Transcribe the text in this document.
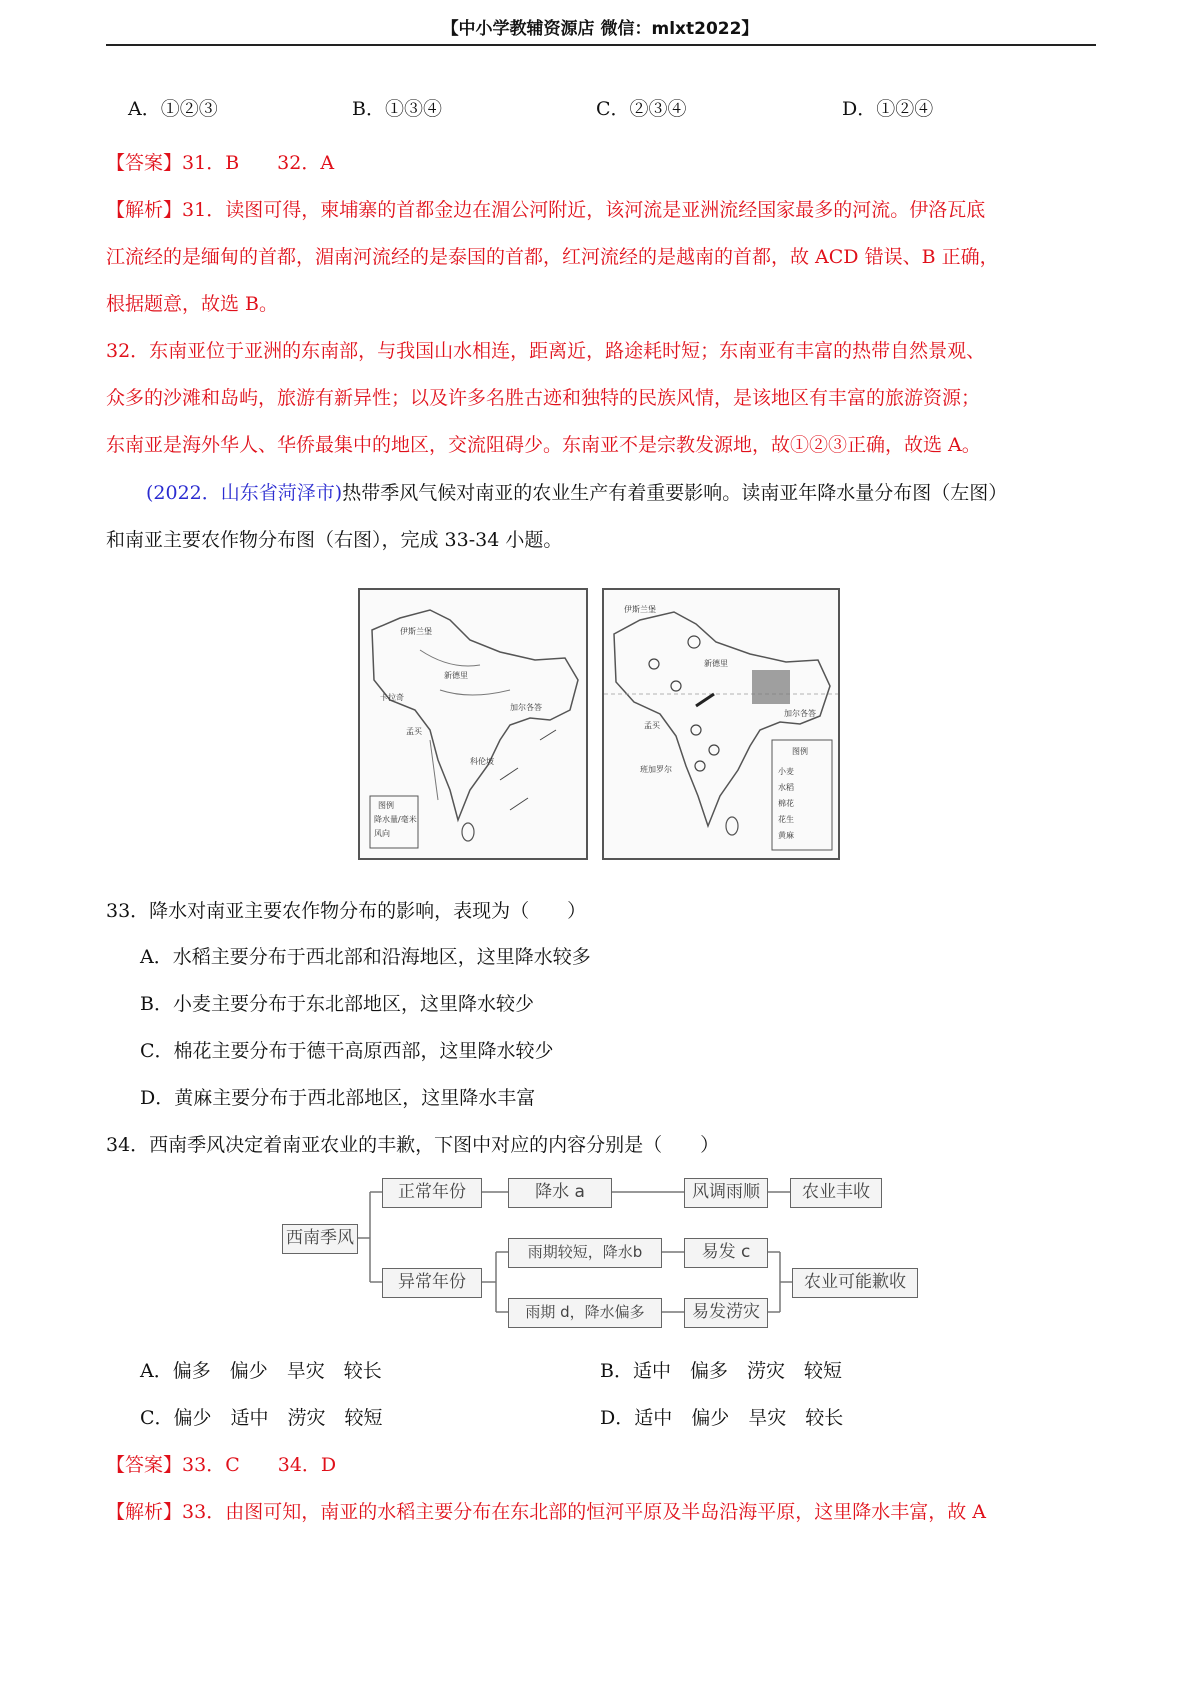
【中小学教辅资源店 微信：mlxt2022】
A．①②③	B．①③④	C．②③④	D．①②④
【答案】31．B　　32．A
【解析】31．读图可得，柬埔寨的首都金边在湄公河附近，该河流是亚洲流经国家最多的河流。伊洛瓦底
江流经的是缅甸的首都，湄南河流经的是泰国的首都，红河流经的是越南的首都，故 ACD 错误、B 正确，
根据题意，故选 B。
32．东南亚位于亚洲的东南部，与我国山水相连，距离近，路途耗时短；东南亚有丰富的热带自然景观、
众多的沙滩和岛屿，旅游有新异性；以及许多名胜古迹和独特的民族风情，是该地区有丰富的旅游资源；
东南亚是海外华人、华侨最集中的地区，交流阻碍少。东南亚不是宗教发源地，故①②③正确，故选 A。
(2022．山东省菏泽市)热带季风气候对南亚的农业生产有着重要影响。读南亚年降水量分布图（左图）
和南亚主要农作物分布图（右图），完成 33-34 小题。
伊斯兰堡
新德里
卡拉奇
孟买
加尔各答
科伦坡
图例
降水量/毫米
风向
伊斯兰堡
新德里
加尔各答
孟买
班加罗尔
图例
小麦
水稻
棉花
花生
黄麻
33．降水对南亚主要农作物分布的影响，表现为（　　）
A．水稻主要分布于西北部和沿海地区，这里降水较多
B．小麦主要分布于东北部地区，这里降水较少
C．棉花主要分布于德干高原西部，这里降水较少
D．黄麻主要分布于西北部地区，这里降水丰富
34．西南季风决定着南亚农业的丰歉，下图中对应的内容分别是（　　）
西南季风
正常年份
异常年份
降水 a	风调雨顺	农业丰收
雨期较短，降水b	易发 c
雨期 d，降水偏多	易发涝灾
农业可能歉收
A．偏多　偏少　旱灾　较长	B．适中　偏多　涝灾　较短
C．偏少　适中　涝灾　较短	D．适中　偏少　旱灾　较长
【答案】33．C　　34．D
【解析】33．由图可知，南亚的水稻主要分布在东北部的恒河平原及半岛沿海平原，这里降水丰富，故 A
